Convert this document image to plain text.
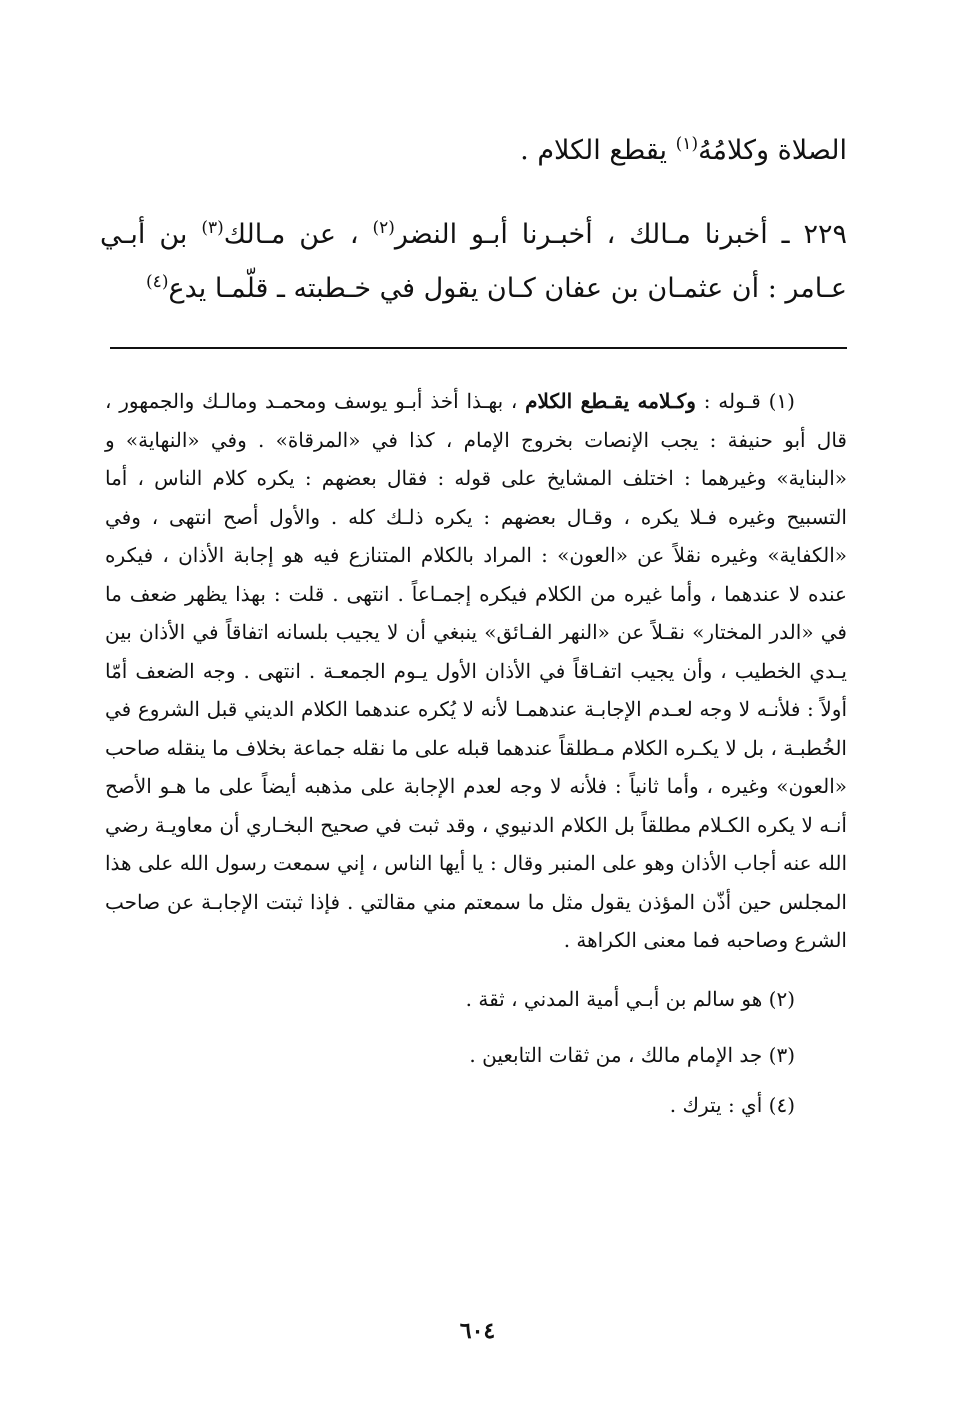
الصلاة وكلامُهُ$^{(١)}$ يقطع الكلام .
٢٢٩ ـ أخبرنا مـالك ، أخبـرنا أبـو النضر$^{(٢)}$ ، عن مـالك$^{(٣)}$ بن أبـي عـامر : أن عثمـان بن عفان كـان يقول في خـطبته ـ قلّمـا يدع$^{(٤)}$

(١) قـوله : وكـلامه يقـطع الكلام ، بهـذا أخذ أبـو يوسف ومحمـد ومالـك والجمهور ، قال أبو حنيفة : يجب الإنصات بخروج الإمام ، كذا في «المرقاة» . وفي «النهاية» و «البناية» وغيرهما : اختلف المشايخ على قوله : فقال بعضهم : يكره كلام الناس ، أما التسبيح وغيره فـلا يكره ، وقـال بعضهم : يكره ذلـك كله . والأول أصح انتهى ، وفي «الكفاية» وغيره نقلاً عن «العون» : المراد بالكلام المتنازع فيه هو إجابة الأذان ، فيكره عنده لا عندهما ، وأما غيره من الكلام فيكره إجمـاعاً . انتهى . قلت : بهذا يظهر ضعف ما في «الدر المختار» نقـلاً عن «النهر الفـائق» ينبغي أن لا يجيب بلسانه اتفاقاً في الأذان بين يـدي الخطيب ، وأن يجيب اتفـاقاً في الأذان الأول يـوم الجمعـة . انتهى . وجه الضعف أمّا أولاً : فلأنـه لا وجه لعـدم الإجابـة عندهمـا لأنه لا يُكره عندهما الكلام الديني قبل الشروع في الخُطبـة ، بل لا يكـره الكلام مـطلقاً عندهما قبله على ما نقله جماعة بخلاف ما ينقله صاحب «العون» وغيره ، وأما ثانياً : فلأنه لا وجه لعدم الإجابة على مذهبه أيضاً على ما هـو الأصح أنـه لا يكره الكـلام مطلقاً بل الكلام الدنيوي ، وقد ثبت في صحيح البخـاري أن معاويـة رضي الله عنه أجاب الأذان وهو على المنبر وقال : يا أيها الناس ، إني سمعت رسول الله على هذا المجلس حين أذّن المؤذن يقول مثل ما سمعتم مني مقالتي . فإذا ثبتت الإجابـة عن صاحب الشرع وصاحبه فما معنى الكراهة .

(٢) هو سالم بن أبـي أمية المدني ، ثقة .

(٣) جد الإمام مالك ، من ثقات التابعين .

(٤) أي : يترك .

٦٠٤
